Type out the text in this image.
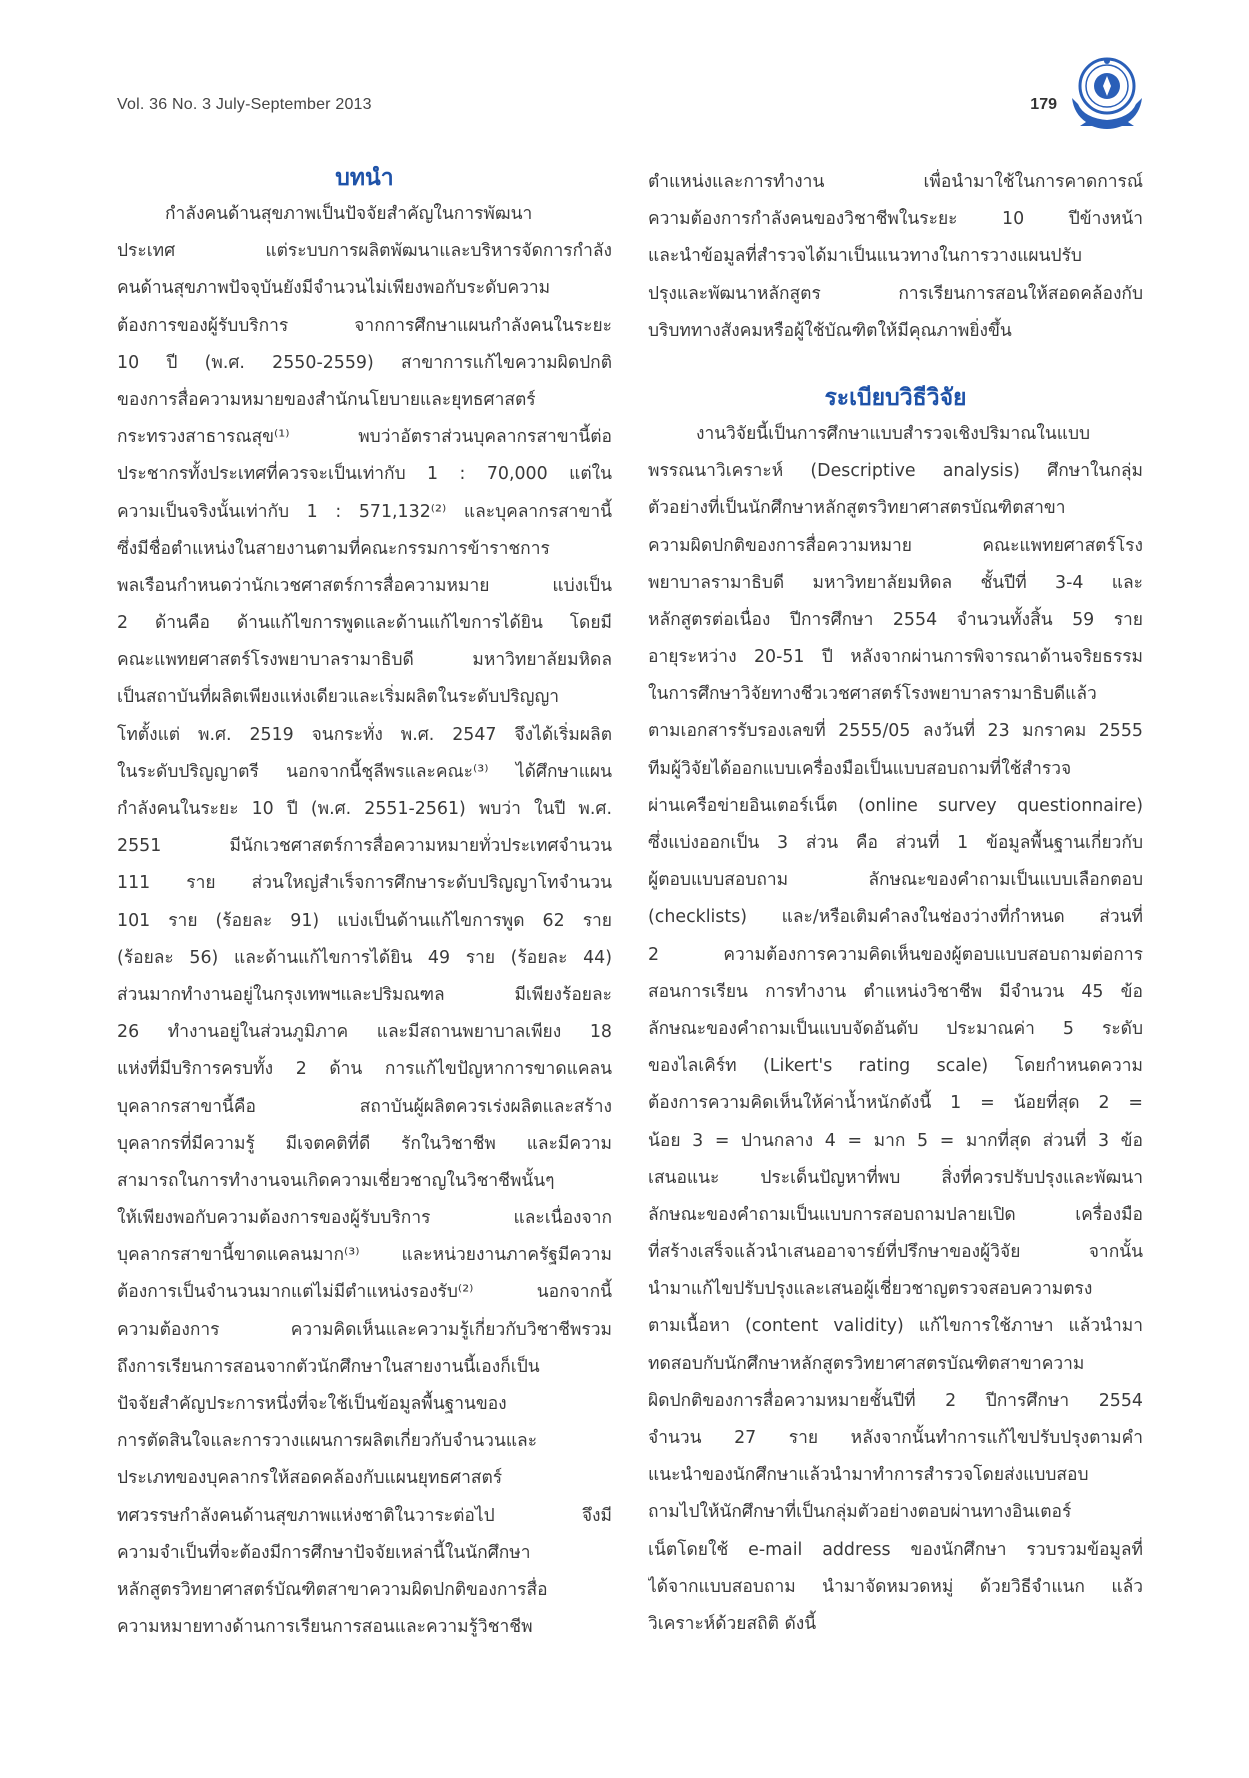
Vol. 36 No. 3 July-September 2013	179
บทนำ
กำลังคนด้านสุขภาพเป็นปัจจัยสำคัญในการพัฒนา
ประเทศ แต่ระบบการผลิตพัฒนาและบริหารจัดการกำลัง
คนด้านสุขภาพปัจจุบันยังมีจำนวนไม่เพียงพอกับระดับความ
ต้องการของผู้รับบริการ จากการศึกษาแผนกำลังคนในระยะ
10 ปี (พ.ศ. 2550-2559) สาขาการแก้ไขความผิดปกติ
ของการสื่อความหมายของสำนักนโยบายและยุทธศาสตร์
กระทรวงสาธารณสุข⁽¹⁾ พบว่าอัตราส่วนบุคลากรสาขานี้ต่อ
ประชากรทั้งประเทศที่ควรจะเป็นเท่ากับ 1 : 70,000 แต่ใน
ความเป็นจริงนั้นเท่ากับ 1 : 571,132⁽²⁾ และบุคลากรสาขานี้
ซึ่งมีชื่อตำแหน่งในสายงานตามที่คณะกรรมการข้าราชการ
พลเรือนกำหนดว่านักเวชศาสตร์การสื่อความหมาย แบ่งเป็น
2 ด้านคือ ด้านแก้ไขการพูดและด้านแก้ไขการได้ยิน โดยมี
คณะแพทยศาสตร์โรงพยาบาลรามาธิบดี มหาวิทยาลัยมหิดล
เป็นสถาบันที่ผลิตเพียงแห่งเดียวและเริ่มผลิตในระดับปริญญา
โทตั้งแต่ พ.ศ. 2519 จนกระทั่ง พ.ศ. 2547 จึงได้เริ่มผลิต
ในระดับปริญญาตรี นอกจากนี้ชุลีพรและคณะ⁽³⁾ ได้ศึกษาแผน
กำลังคนในระยะ 10 ปี (พ.ศ. 2551-2561) พบว่า ในปี พ.ศ.
2551 มีนักเวชศาสตร์การสื่อความหมายทั่วประเทศจำนวน
111 ราย ส่วนใหญ่สำเร็จการศึกษาระดับปริญญาโทจำนวน
101 ราย (ร้อยละ 91) แบ่งเป็นด้านแก้ไขการพูด 62 ราย
(ร้อยละ 56) และด้านแก้ไขการได้ยิน 49 ราย (ร้อยละ 44)
ส่วนมากทำงานอยู่ในกรุงเทพฯและปริมณฑล มีเพียงร้อยละ
26 ทำงานอยู่ในส่วนภูมิภาค และมีสถานพยาบาลเพียง 18
แห่งที่มีบริการครบทั้ง 2 ด้าน การแก้ไขปัญหาการขาดแคลน
บุคลากรสาขานี้คือ สถาบันผู้ผลิตควรเร่งผลิตและสร้าง
บุคลากรที่มีความรู้ มีเจตคติที่ดี รักในวิชาชีพ และมีความ
สามารถในการทำงานจนเกิดความเชี่ยวชาญในวิชาชีพนั้นๆ
ให้เพียงพอกับความต้องการของผู้รับบริการ และเนื่องจาก
บุคลากรสาขานี้ขาดแคลนมาก⁽³⁾ และหน่วยงานภาครัฐมีความ
ต้องการเป็นจำนวนมากแต่ไม่มีตำแหน่งรองรับ⁽²⁾ นอกจากนี้
ความต้องการ ความคิดเห็นและความรู้เกี่ยวกับวิชาชีพรวม
ถึงการเรียนการสอนจากตัวนักศึกษาในสายงานนี้เองก็เป็น
ปัจจัยสำคัญประการหนึ่งที่จะใช้เป็นข้อมูลพื้นฐานของ
การตัดสินใจและการวางแผนการผลิตเกี่ยวกับจำนวนและ
ประเภทของบุคลากรให้สอดคล้องกับแผนยุทธศาสตร์
ทศวรรษกำลังคนด้านสุขภาพแห่งชาติในวาระต่อไป จึงมี
ความจำเป็นที่จะต้องมีการศึกษาปัจจัยเหล่านี้ในนักศึกษา
หลักสูตรวิทยาศาสตร์บัณฑิตสาขาความผิดปกติของการสื่อ
ความหมายทางด้านการเรียนการสอนและความรู้วิชาชีพ
ตำแหน่งและการทำงาน เพื่อนำมาใช้ในการคาดการณ์
ความต้องการกำลังคนของวิชาชีพในระยะ 10 ปีข้างหน้า
และนำข้อมูลที่สำรวจได้มาเป็นแนวทางในการวางแผนปรับ
ปรุงและพัฒนาหลักสูตร การเรียนการสอนให้สอดคล้องกับ
บริบททางสังคมหรือผู้ใช้บัณฑิตให้มีคุณภาพยิ่งขึ้น
ระเบียบวิธีวิจัย
งานวิจัยนี้เป็นการศึกษาแบบสำรวจเชิงปริมาณในแบบ
พรรณนาวิเคราะห์ (Descriptive analysis) ศึกษาในกลุ่ม
ตัวอย่างที่เป็นนักศึกษาหลักสูตรวิทยาศาสตรบัณฑิตสาขา
ความผิดปกติของการสื่อความหมาย คณะแพทยศาสตร์โรง
พยาบาลรามาธิบดี มหาวิทยาลัยมหิดล ชั้นปีที่ 3-4 และ
หลักสูตรต่อเนื่อง ปีการศึกษา 2554 จำนวนทั้งสิ้น 59 ราย
อายุระหว่าง 20-51 ปี หลังจากผ่านการพิจารณาด้านจริยธรรม
ในการศึกษาวิจัยทางชีวเวชศาสตร์โรงพยาบาลรามาธิบดีแล้ว
ตามเอกสารรับรองเลขที่ 2555/05 ลงวันที่ 23 มกราคม 2555
ทีมผู้วิจัยได้ออกแบบเครื่องมือเป็นแบบสอบถามที่ใช้สำรวจ
ผ่านเครือข่ายอินเตอร์เน็ต (online survey questionnaire)
ซึ่งแบ่งออกเป็น 3 ส่วน คือ ส่วนที่ 1 ข้อมูลพื้นฐานเกี่ยวกับ
ผู้ตอบแบบสอบถาม ลักษณะของคำถามเป็นแบบเลือกตอบ
(checklists) และ/หรือเติมคำลงในช่องว่างที่กำหนด ส่วนที่
2 ความต้องการความคิดเห็นของผู้ตอบแบบสอบถามต่อการ
สอนการเรียน การทำงาน ตำแหน่งวิชาชีพ มีจำนวน 45 ข้อ
ลักษณะของคำถามเป็นแบบจัดอันดับ ประมาณค่า 5 ระดับ
ของไลเคิร์ท (Likert's rating scale) โดยกำหนดความ
ต้องการความคิดเห็นให้ค่าน้ำหนักดังนี้ 1 = น้อยที่สุด 2 =
น้อย 3 = ปานกลาง 4 = มาก 5 = มากที่สุด ส่วนที่ 3 ข้อ
เสนอแนะ ประเด็นปัญหาที่พบ สิ่งที่ควรปรับปรุงและพัฒนา
ลักษณะของคำถามเป็นแบบการสอบถามปลายเปิด เครื่องมือ
ที่สร้างเสร็จแล้วนำเสนออาจารย์ที่ปรึกษาของผู้วิจัย จากนั้น
นำมาแก้ไขปรับปรุงและเสนอผู้เชี่ยวชาญตรวจสอบความตรง
ตามเนื้อหา (content validity) แก้ไขการใช้ภาษา แล้วนำมา
ทดสอบกับนักศึกษาหลักสูตรวิทยาศาสตรบัณฑิตสาขาความ
ผิดปกติของการสื่อความหมายชั้นปีที่ 2 ปีการศึกษา 2554
จำนวน 27 ราย หลังจากนั้นทำการแก้ไขปรับปรุงตามคำ
แนะนำของนักศึกษาแล้วนำมาทำการสำรวจโดยส่งแบบสอบ
ถามไปให้นักศึกษาที่เป็นกลุ่มตัวอย่างตอบผ่านทางอินเตอร์
เน็ตโดยใช้ e-mail address ของนักศึกษา รวบรวมข้อมูลที่
ได้จากแบบสอบถาม นำมาจัดหมวดหมู่ ด้วยวิธีจำแนก แล้ว
วิเคราะห์ด้วยสถิติ ดังนี้
